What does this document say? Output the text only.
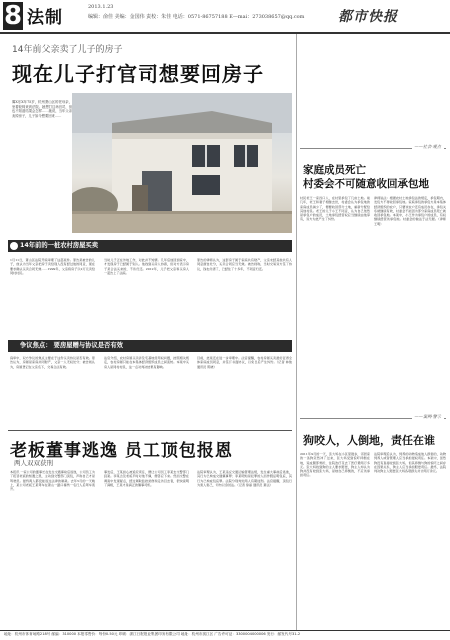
8 法制
2013.1.23
编辑：俞佳 美编：金国伟 责校：朱佳 电话：0571-86757188 E—mai：273038657@qq.com 都市快报
14年前父亲卖了儿子的房子
现在儿子打官司想要回房子
冀X东X年75岁，杭州萧山区的老母亲，坐着轮椅来到法院。她想打这场官司，但也不知道结果会怎样……她说，当年父亲卖掉房子，儿子如今想要回来……
14年前的一桩农村房屋买卖
1月11日，萧山区法院开庭审理了这起案件。原告是被告的儿子，他认为当年父亲把房子卖给别人没有经过他的同意，现在要求确认买卖合同无效……1999年，父亲将房子以2万元卖给同村村民。
当时儿子正在外地工作，对此并不知情。几年后他回到家中，才发现房子已经属于别人。他找到买房人协商，但对方表示房子是合法买来的，不肯归还。2012年，儿子把父亲和买房人一起告上了法庭。
原告的律师认为，这套房子属于家庭共有财产，父亲未经其他共有人同意擅自处分，买卖合同应当无效。被告则称，当时交易双方签了协议，钱也付清了，已经住了十多年，不同意归还。
争议焦点： 要房屋赠与协议是否有效
庭审中，双方争议的焦点主要在于这份买卖协议是否有效。原告认为，房屋是家庭共同财产，父亲一人无权处分；被告则认为，房屋登记在父亲名下，交易合法有效。
法官介绍，农村房屋买卖涉及宅基地使用权问题，按照相关规定，农村房屋只能在本集体经济组织成员之间流转。本案中买房人是同村村民，这一点对判决结果有影响。
目前，此案还在进一步审理中。法官提醒，农村房屋买卖最好征得全体家庭成员同意，并签订书面协议，以免日后产生纠纷。（记者 林俊 通讯员 陈晓）
老板董事逃逸 员工顶包报恩
两人双双获刑
本报讯 一家公司的董事长在发生交通事故后逃逸，公司员工为了报答老板的知遇之恩，主动到交警部门顶包，声称自己才是驾驶员。最终两人都没能逃过法律的制裁。去年5月的一天晚上，某公司老板王某驾车在萧山一路口撞伤一名行人后驾车离开。
事发后，王某担心被追究责任，便让公司员工李某去交警部门投案。李某念及老板平时对他不薄，便答应下来。然而交警在调查中发现疑点，经过调取监控录像和走访目击者，很快查明了真相，王某才是真正的肇事司机。
法院审理认为，王某违反交通运输管理法规，发生重大事故后逃逸，其行为已构成交通肇事罪；李某明知是犯罪的人而作假证明包庇，其行为已构成包庇罪。法院分别判处两人有期徒刑。法官提醒，顶包行为害人害己，切勿以身试法。（记者 徐丽 通讯员 萧法）
——社会·观点
家庭成员死亡
村委会不可随意收回承包地
村民老王一家四口人，在村里承包了几亩土地。前几年，老王和妻子相继去世，村委会认为承包地的家庭成员减少了，便要收回部分土地，重新分配给其他村民。老王的儿子小王不同意，认为自己依然是承包户的成员，土地承包经营权应当继续由他享有，双方为此产生了纠纷。
律师说法：根据农村土地承包法的规定，承包期内，发包方不得收回承包地。家庭承包的承包方是本集体经济组织的农户，只要该农户还有成员存在，承包关系就继续有效，村委会不能因为部分家庭成员死亡就收回承包地。本案中，小王作为承包户的成员，有权继续经营该承包地。村委会的做法于法无据。（律师 王明）
——案例·警示
狗咬人，人倒地，责任在谁
2011年9月的一天，张大妈在小区里散步，邻居家的一条狗突然冲了过来，张大妈受到惊吓摔倒在地，造成腿部骨折，住院治疗花去了医疗费两万多元。张大妈找到狗的主人要求赔偿，狗主人却认为狗并没有咬到张大妈，是她自己摔倒的，不应该承担责任。
法院审理后认为，饲养的动物造成他人损害的，动物饲养人或者管理人应当承担侵权责任。本案中，虽然狗没有直接咬到张大妈，但其摔倒与狗的惊吓之间存在因果关系，狗主人应当承担赔偿责任。最终，法院判决狗主人赔偿张大妈各项损失共计两万余元。
地址：杭州市体育场路218号 邮编：310000 本报零售价：每份0.50元 印刷：浙江日报报业集团印务有限公司 地址：杭州市滨江区 广告许可证：3300004000006 发行：邮发代号31-2
